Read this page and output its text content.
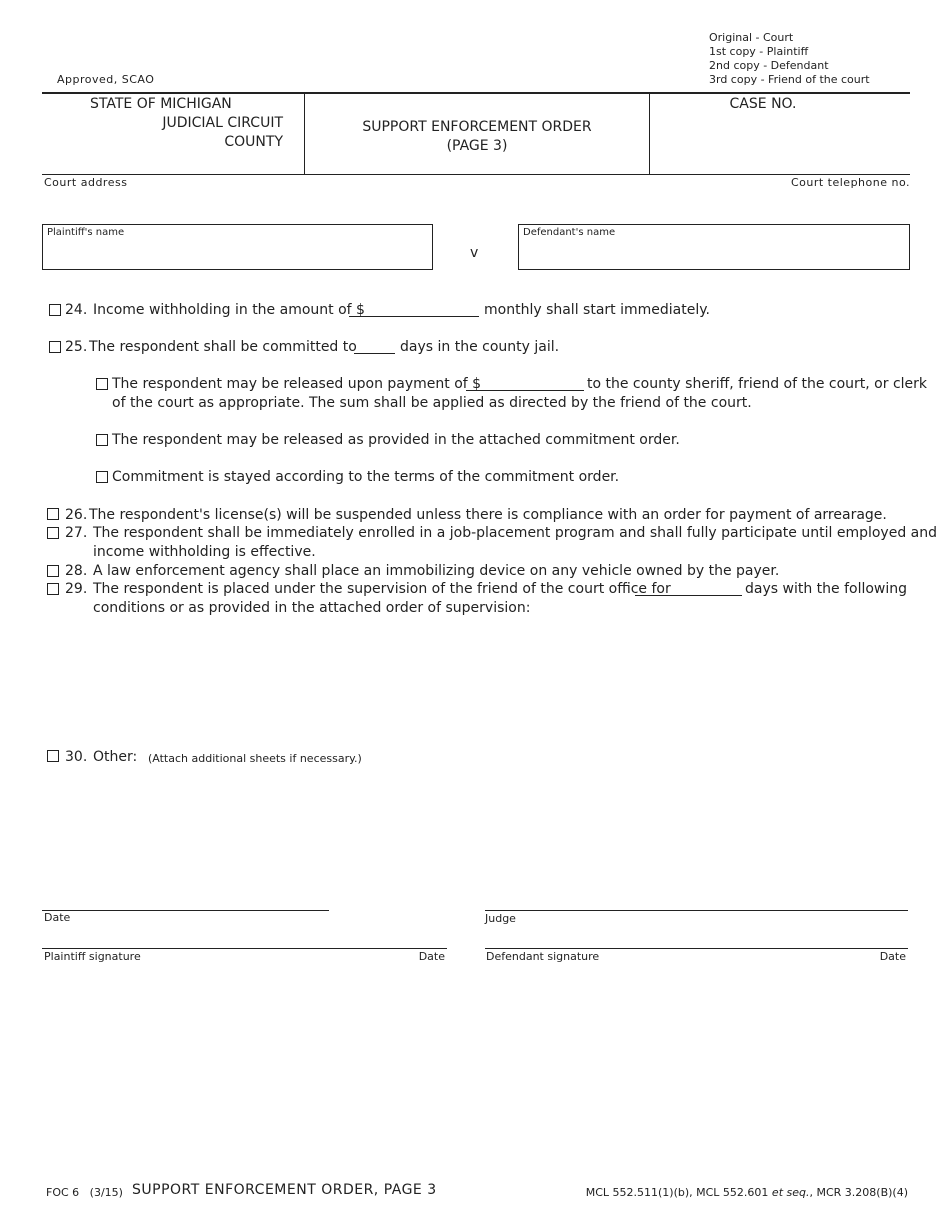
Approved, SCAO
Original - Court
1st copy - Plaintiff
2nd copy - Defendant
3rd copy - Friend of the court
STATE OF MICHIGAN
JUDICIAL CIRCUIT
COUNTY
SUPPORT ENFORCEMENT ORDER
(PAGE 3)
CASE NO.
Court address	Court telephone no.
Plaintiff's name
v
Defendant's name
24. Income withholding in the amount of $	monthly shall start immediately.
25. The respondent shall be committed to	days in the county jail.
The respondent may be released upon payment of $	to the county sheriff, friend of the court, or clerk
of the court as appropriate. The sum shall be applied as directed by the friend of the court.
The respondent may be released as provided in the attached commitment order.
Commitment is stayed according to the terms of the commitment order.
26. The respondent's license(s) will be suspended unless there is compliance with an order for payment of arrearage.
27. The respondent shall be immediately enrolled in a job-placement program and shall fully participate until employed and
income withholding is effective.
28. A law enforcement agency shall place an immobilizing device on any vehicle owned by the payer.
29. The respondent is placed under the supervision of the friend of the court office for	days with the following
conditions or as provided in the attached order of supervision:
30. Other: (Attach additional sheets if necessary.)
Date	Judge
Plaintiff signature	Date	Defendant signature	Date
FOC 6   (3/15) SUPPORT ENFORCEMENT ORDER, PAGE 3	MCL 552.511(1)(b), MCL 552.601 et seq., MCR 3.208(B)(4)
